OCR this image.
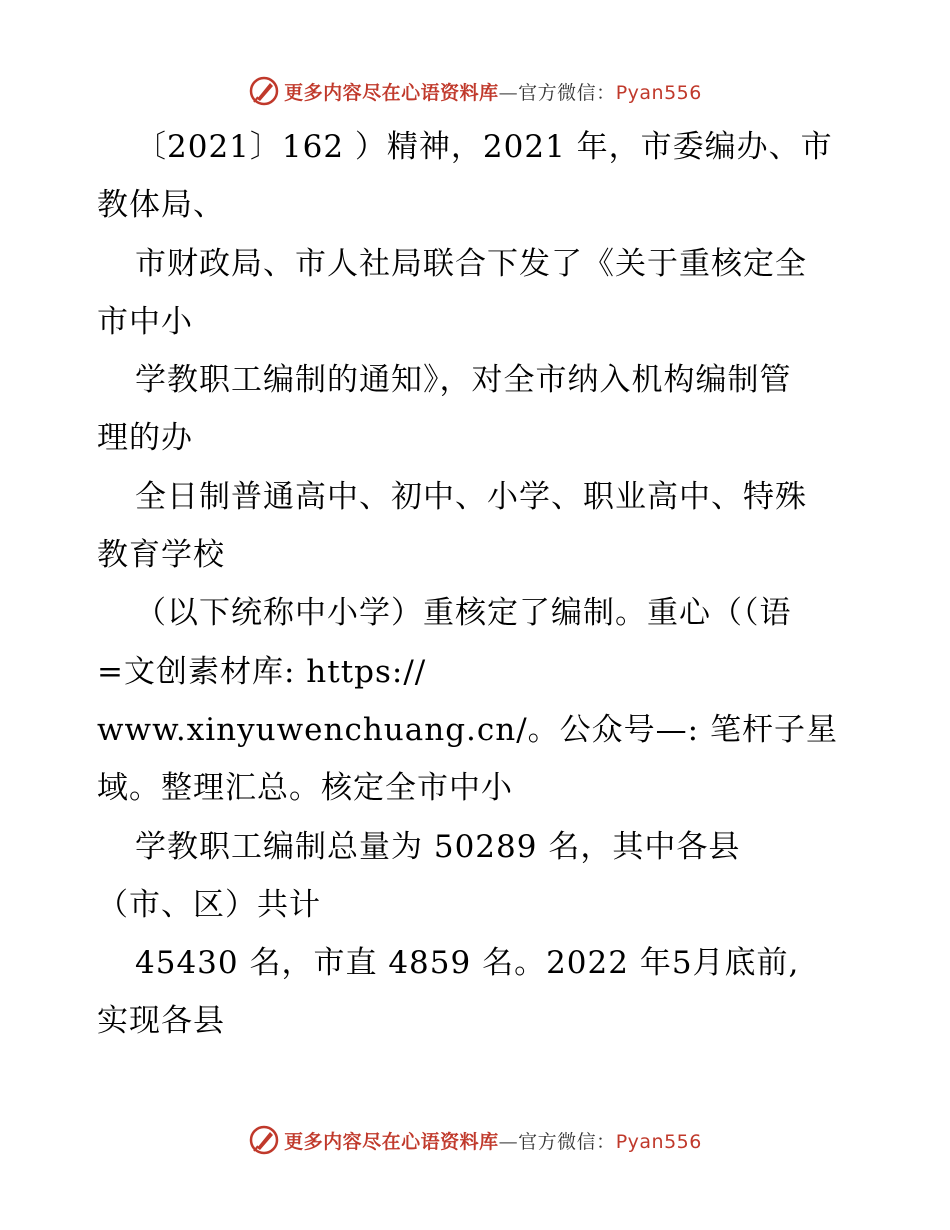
更多内容尽在心语资料库—官方微信：Pyan556
〔2021〕162 ）精神，2021 年，市委编办、市
教体局、
市财政局、市人社局联合下发了《关于重核定全
市中小
学教职工编制的通知》，对全市纳入机构编制管
理的办
全日制普通高中、初中、小学、职业高中、特殊
教育学校
（以下统称中小学）重核定了编制。重心（（语
=文创素材库: https://
www.xinyuwenchuang.cn/。公众号—: 笔杆子星
域。整理汇总。核定全市中小
学教职工编制总量为 50289 名，其中各县
（市、区）共计
45430 名，市直 4859 名。2022 年5月底前,
实现各县
更多内容尽在心语资料库—官方微信：Pyan556
